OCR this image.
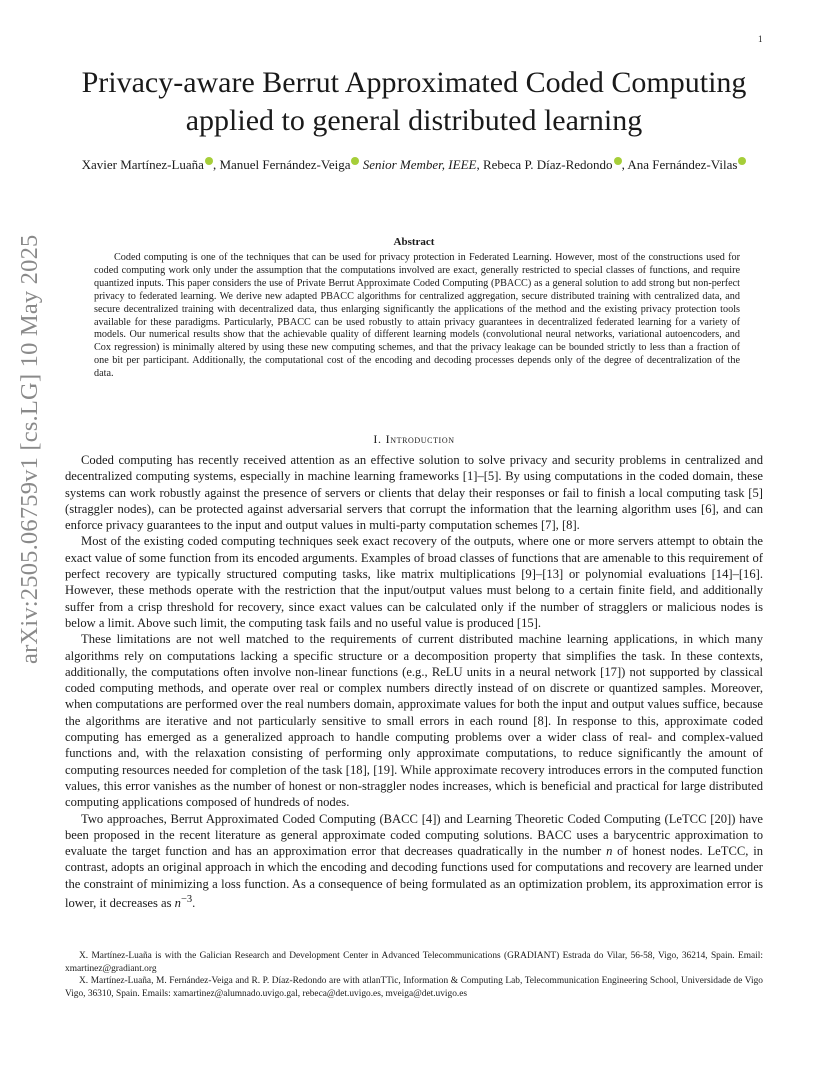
1
arXiv:2505.06759v1 [cs.LG] 10 May 2025
Privacy-aware Berrut Approximated Coded Computing applied to general distributed learning
Xavier Martínez-Luaña , Manuel Fernández-Veiga Senior Member, IEEE, Rebeca P. Díaz-Redondo , Ana Fernández-Vilas
Abstract

Coded computing is one of the techniques that can be used for privacy protection in Federated Learning. However, most of the constructions used for coded computing work only under the assumption that the computations involved are exact, generally restricted to special classes of functions, and require quantized inputs. This paper considers the use of Private Berrut Approximate Coded Computing (PBACC) as a general solution to add strong but non-perfect privacy to federated learning. We derive new adapted PBACC algorithms for centralized aggregation, secure distributed training with centralized data, and secure decentralized training with decentralized data, thus enlarging significantly the applications of the method and the existing privacy protection tools available for these paradigms. Particularly, PBACC can be used robustly to attain privacy guarantees in decentralized federated learning for a variety of models. Our numerical results show that the achievable quality of different learning models (convolutional neural networks, variational autoencoders, and Cox regression) is minimally altered by using these new computing schemes, and that the privacy leakage can be bounded strictly to less than a fraction of one bit per participant. Additionally, the computational cost of the encoding and decoding processes depends only of the degree of decentralization of the data.

I. Introduction

Coded computing has recently received attention as an effective solution to solve privacy and security problems in centralized and decentralized computing systems, especially in machine learning frameworks [1]–[5]. By using computations in the coded domain, these systems can work robustly against the presence of servers or clients that delay their responses or fail to finish a local computing task [5] (straggler nodes), can be protected against adversarial servers that corrupt the information that the learning algorithm uses [6], and can enforce privacy guarantees to the input and output values in multi-party computation schemes [7], [8].

Most of the existing coded computing techniques seek exact recovery of the outputs, where one or more servers attempt to obtain the exact value of some function from its encoded arguments. Examples of broad classes of functions that are amenable to this requirement of perfect recovery are typically structured computing tasks, like matrix multiplications [9]–[13] or polynomial evaluations [14]–[16]. However, these methods operate with the restriction that the input/output values must belong to a certain finite field, and additionally suffer from a crisp threshold for recovery, since exact values can be calculated only if the number of stragglers or malicious nodes is below a limit. Above such limit, the computing task fails and no useful value is produced [15].

These limitations are not well matched to the requirements of current distributed machine learning applications, in which many algorithms rely on computations lacking a specific structure or a decomposition property that simplifies the task. In these contexts, additionally, the computations often involve non-linear functions (e.g., ReLU units in a neural network [17]) not supported by classical coded computing methods, and operate over real or complex numbers directly instead of on discrete or quantized samples. Moreover, when computations are performed over the real numbers domain, approximate values for both the input and output values suffice, because the algorithms are iterative and not particularly sensitive to small errors in each round [8]. In response to this, approximate coded computing has emerged as a generalized approach to handle computing problems over a wider class of real- and complex-valued functions and, with the relaxation consisting of performing only approximate computations, to reduce significantly the amount of computing resources needed for completion of the task [18], [19]. While approximate recovery introduces errors in the computed function values, this error vanishes as the number of honest or non-straggler nodes increases, which is beneficial and practical for large distributed computing applications composed of hundreds of nodes.

Two approaches, Berrut Approximated Coded Computing (BACC [4]) and Learning Theoretic Coded Computing (LeTCC [20]) have been proposed in the recent literature as general approximate coded computing solutions. BACC uses a barycentric approximation to evaluate the target function and has an approximation error that decreases quadratically in the number n of honest nodes. LeTCC, in contrast, adopts an original approach in which the encoding and decoding functions used for computations and recovery are learned under the constraint of minimizing a loss function. As a consequence of being formulated as an optimization problem, its approximation error is lower, it decreases as $n^{-3}$.

X. Martínez-Luaña is with the Galician Research and Development Center in Advanced Telecommunications (GRADIANT) Estrada do Vilar, 56-58, Vigo, 36214, Spain. Email: xmartinez@gradiant.org

X. Martínez-Luaña, M. Fernández-Veiga and R. P. Díaz-Redondo are with atlanTTic, Information & Computing Lab, Telecommunication Engineering School, Universidade de Vigo Vigo, 36310, Spain. Emails: xamartinez@alumnado.uvigo.gal, rebeca@det.uvigo.es, mveiga@det.uvigo.es
